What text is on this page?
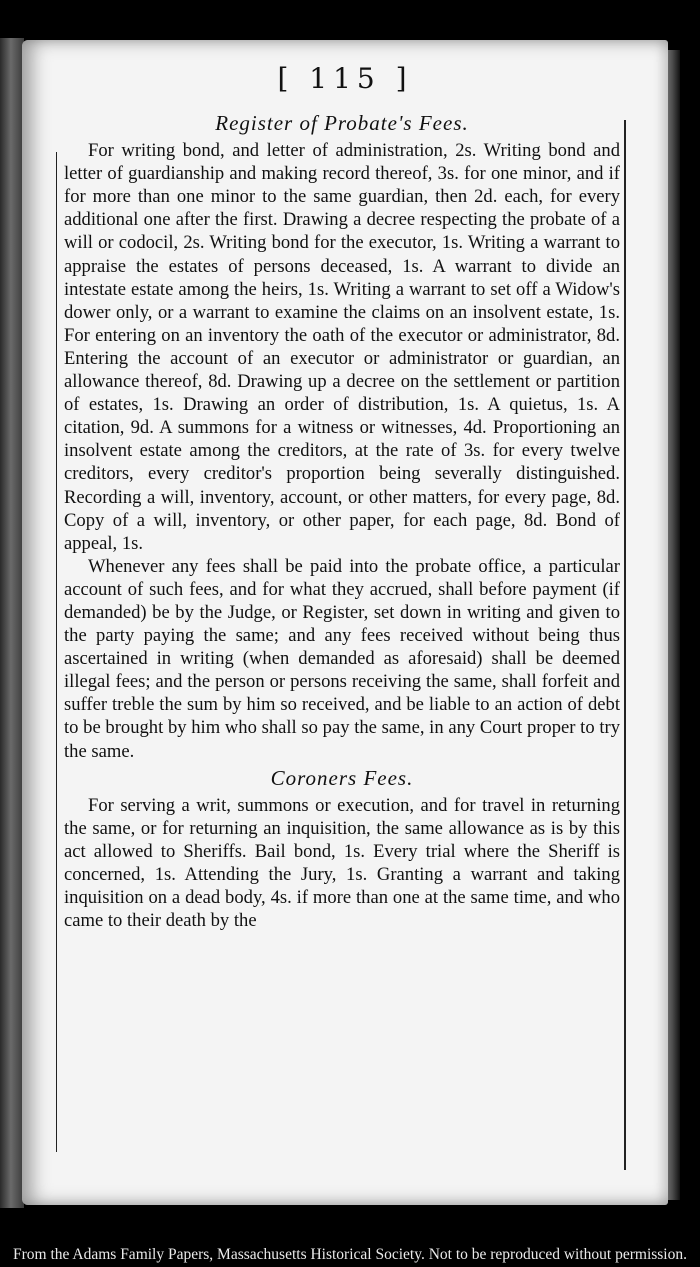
[ 115 ]
Register of Probate's Fees.

For writing bond, and letter of administration, 2s. Writing bond and letter of guardianship and making record thereof, 3s. for one minor, and if for more than one minor to the same guardian, then 2d. each, for every additional one after the first. Drawing a decree respecting the probate of a will or codocil, 2s. Writing bond for the executor, 1s. Writing a warrant to appraise the estates of persons deceased, 1s. A warrant to divide an intestate estate among the heirs, 1s. Writing a warrant to set off a Widow's dower only, or a warrant to examine the claims on an insolvent estate, 1s. For entering on an inventory the oath of the executor or administrator, 8d. Entering the account of an executor or administrator or guardian, an allowance thereof, 8d. Drawing up a decree on the settlement or partition of estates, 1s. Drawing an order of distribution, 1s. A quietus, 1s. A citation, 9d. A summons for a witness or witnesses, 4d. Proportioning an insolvent estate among the creditors, at the rate of 3s. for every twelve creditors, every creditor's proportion being severally distinguished. Recording a will, inventory, account, or other matters, for every page, 8d. Copy of a will, inventory, or other paper, for each page, 8d. Bond of appeal, 1s.

Whenever any fees shall be paid into the probate office, a particular account of such fees, and for what they accrued, shall before payment (if demanded) be by the Judge, or Register, set down in writing and given to the party paying the same; and any fees received without being thus ascertained in writing (when demanded as aforesaid) shall be deemed illegal fees; and the person or persons receiving the same, shall forfeit and suffer treble the sum by him so received, and be liable to an action of debt to be brought by him who shall so pay the same, in any Court proper to try the same.

Coroners Fees.

For serving a writ, summons or execution, and for travel in returning the same, or for returning an inquisition, the same allowance as is by this act allowed to Sheriffs. Bail bond, 1s. Every trial where the Sheriff is concerned, 1s. Attending the Jury, 1s. Granting a warrant and taking inquisition on a dead body, 4s. if more than one at the same time, and who came to their death by the

From the Adams Family Papers, Massachusetts Historical Society. Not to be reproduced without permission.
